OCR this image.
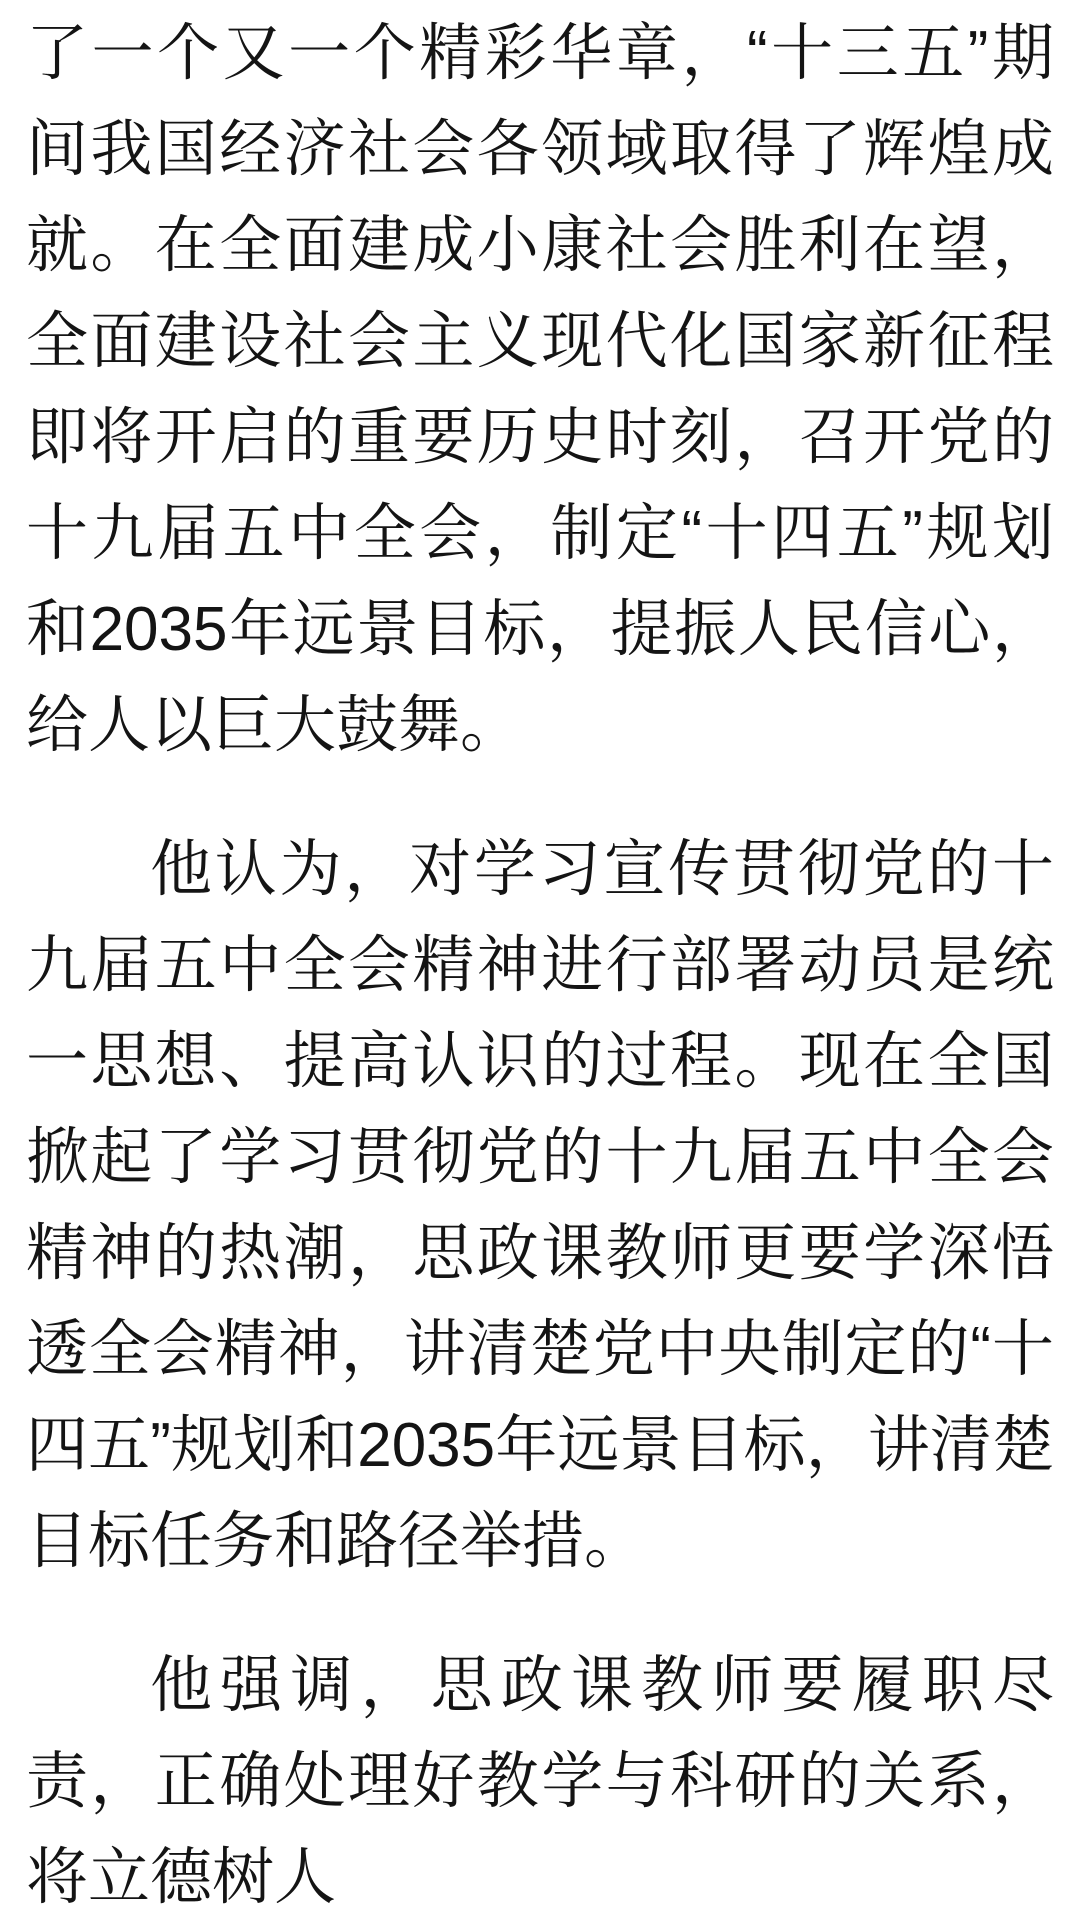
了一个又一个精彩华章，“十三五”期间我国经济社会各领域取得了辉煌成就。在全面建成小康社会胜利在望，全面建设社会主义现代化国家新征程即将开启的重要历史时刻，召开党的十九届五中全会，制定“十四五”规划和2035年远景目标，提振人民信心，给人以巨大鼓舞。

他认为，对学习宣传贯彻党的十九届五中全会精神进行部署动员是统一思想、提高认识的过程。现在全国掀起了学习贯彻党的十九届五中全会精神的热潮，思政课教师更要学深悟透全会精神，讲清楚党中央制定的“十四五”规划和2035年远景目标，讲清楚目标任务和路径举措。

他强调，思政课教师要履职尽责，正确处理好教学与科研的关系，将立德树人
